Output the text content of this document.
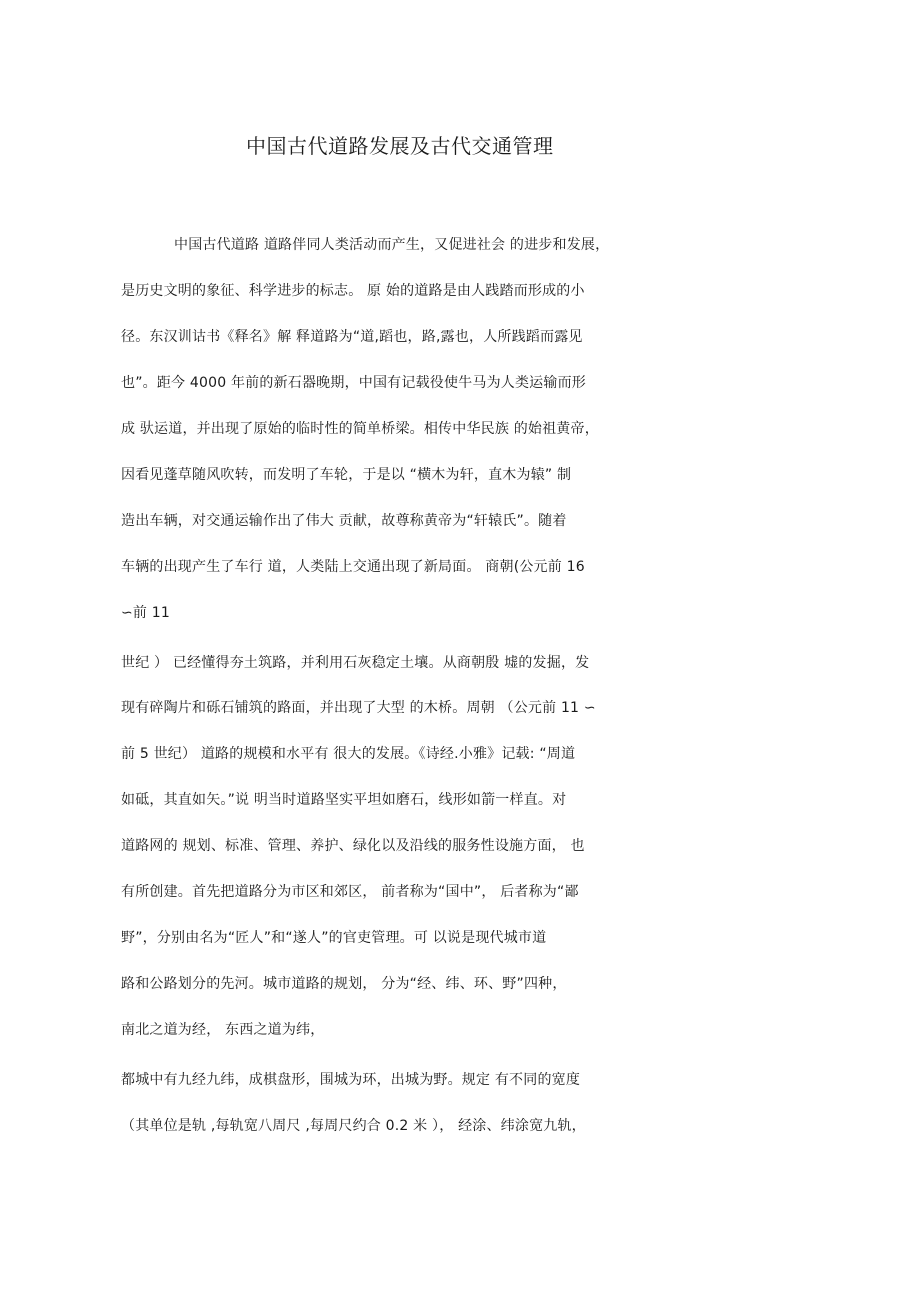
中国古代道路发展及古代交通管理
中国古代道路 道路伴同人类活动而产生，又促进社会 的进步和发展，
是历史文明的象征、科学进步的标志。 原 始的道路是由人践踏而形成的小
径。东汉训诂书《释名》解 释道路为“道,蹈也，路,露也，人所践蹈而露见
也”。距今 4000 年前的新石器晚期，中国有记载役使牛马为人类运输而形
成 驮运道，并出现了原始的临时性的简单桥梁。相传中华民族 的始祖黄帝，
因看见蓬草随风吹转，而发明了车轮，于是以 “横木为轩，直木为辕” 制
造出车辆，对交通运输作出了伟大 贡献，故尊称黄帝为“轩辕氏”。随着
车辆的出现产生了车行 道，人类陆上交通出现了新局面。 商朝(公元前 16
∽前 11
世纪 ） 已经懂得夯土筑路，并利用石灰稳定土壤。从商朝殷 墟的发掘，发
现有碎陶片和砾石铺筑的路面，并出现了大型 的木桥。周朝 （公元前 11 ∽
前 5 世纪） 道路的规模和水平有 很大的发展。《诗经.小雅》记载: “周道
如砥，其直如矢。”说 明当时道路坚实平坦如磨石，线形如箭一样直。对
道路网的 规划、标准、管理、养护、绿化以及沿线的服务性设施方面， 也
有所创建。首先把道路分为市区和郊区， 前者称为“国中”， 后者称为“鄙
野”，分别由名为“匠人”和“遂人”的官吏管理。可 以说是现代城市道
路和公路划分的先河。城市道路的规划， 分为“经、纬、环、野”四种，
南北之道为经， 东西之道为纬，
都城中有九经九纬，成棋盘形，围城为环，出城为野。规定 有不同的宽度
（其单位是轨 ,每轨宽八周尺 ,每周尺约合 0.2 米 ）， 经涂、纬涂宽九轨，
